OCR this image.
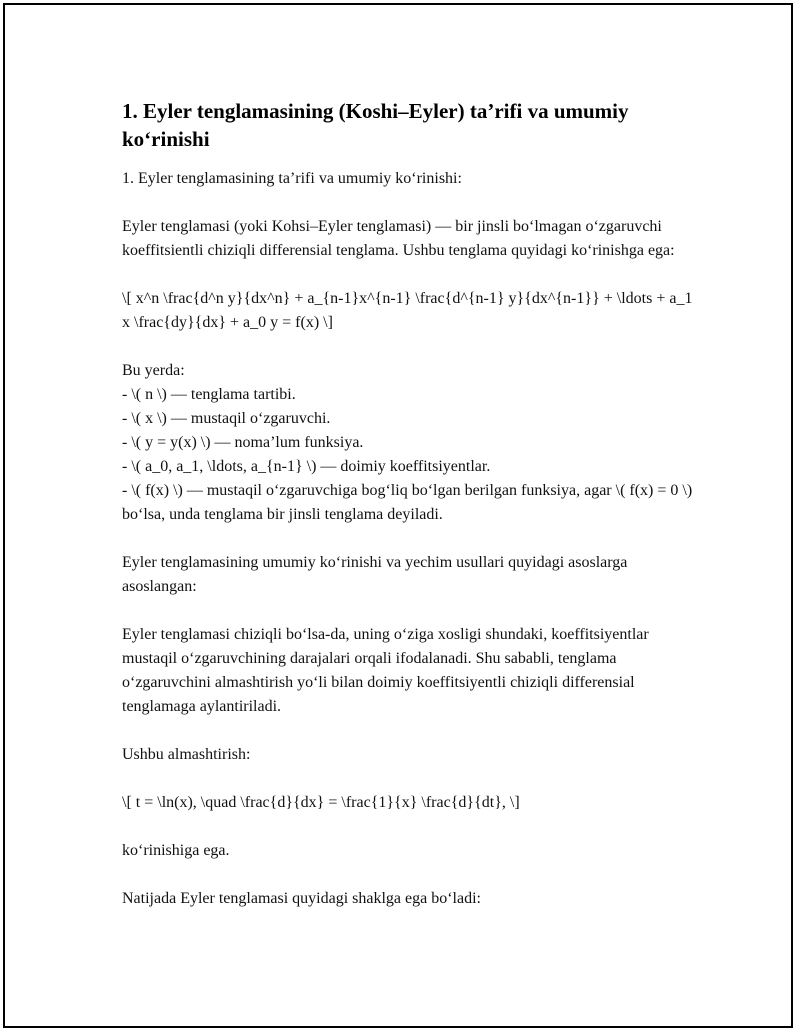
1. Eyler tenglamasining (Koshi–Eyler) ta’rifi va umumiy ko‘rinishi

1. Eyler tenglamasining ta’rifi va umumiy ko‘rinishi:

Eyler tenglamasi (yoki Kohsi–Eyler tenglamasi) — bir jinsli bo‘lmagan o‘zgaruvchi koeffitsientli chiziqli differensial tenglama. Ushbu tenglama quyidagi ko‘rinishga ega:

\[ x^n \frac{d^n y}{dx^n} + a_{n-1}x^{n-1} \frac{d^{n-1} y}{dx^{n-1}} + \ldots + a_1 x \frac{dy}{dx} + a_0 y = f(x) \]

Bu yerda:
- \( n \) — tenglama tartibi.
- \( x \) — mustaqil o‘zgaruvchi.
- \( y = y(x) \) — noma’lum funksiya.
- \( a_0, a_1, \ldots, a_{n-1} \) — doimiy koeffitsiyentlar.
- \( f(x) \) — mustaqil o‘zgaruvchiga bog‘liq bo‘lgan berilgan funksiya, agar \( f(x) = 0 \) bo‘lsa, unda tenglama bir jinsli tenglama deyiladi.

Eyler tenglamasining umumiy ko‘rinishi va yechim usullari quyidagi asoslarga asoslangan:

Eyler tenglamasi chiziqli bo‘lsa-da, uning o‘ziga xosligi shundaki, koeffitsiyentlar mustaqil o‘zgaruvchining darajalari orqali ifodalanadi. Shu sababli, tenglama o‘zgaruvchini almashtirish yo‘li bilan doimiy koeffitsiyentli chiziqli differensial tenglamaga aylantiriladi.

Ushbu almashtirish:

\[ t = \ln(x), \quad \frac{d}{dx} = \frac{1}{x} \frac{d}{dt}, \]

ko‘rinishiga ega.

Natijada Eyler tenglamasi quyidagi shaklga ega bo‘ladi:
